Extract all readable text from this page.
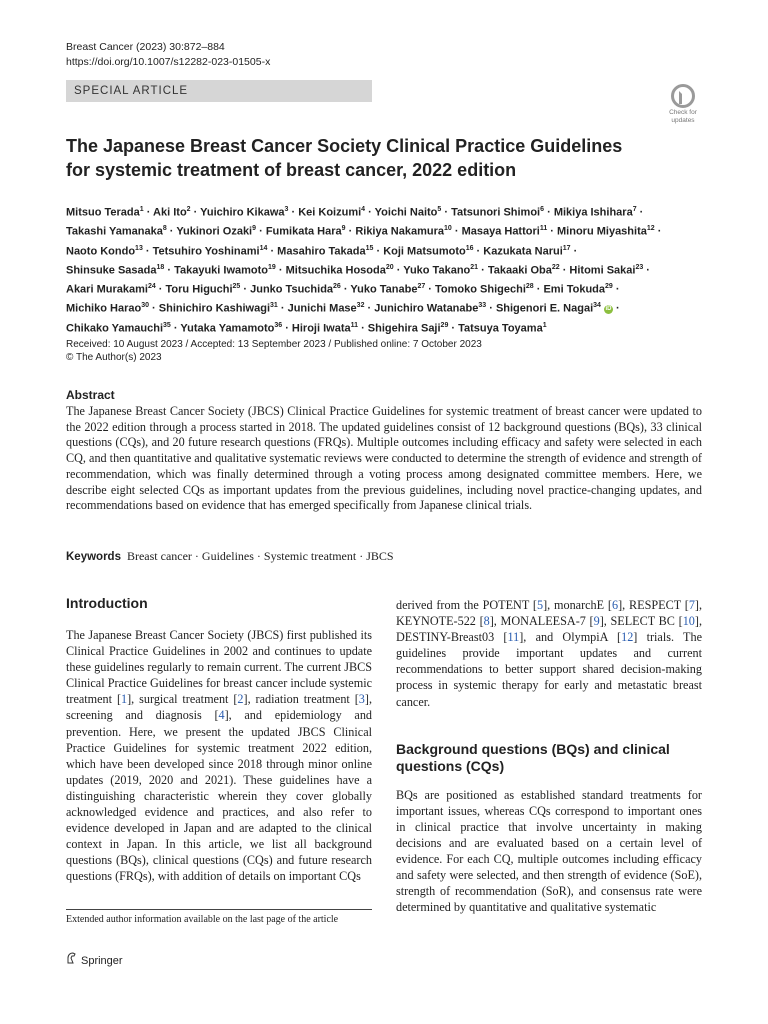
Breast Cancer (2023) 30:872–884
https://doi.org/10.1007/s12282-023-01505-x
SPECIAL ARTICLE
Check for
updates
The Japanese Breast Cancer Society Clinical Practice Guidelines
for systemic treatment of breast cancer, 2022 edition
Mitsuo Terada$^1$ · Aki Ito$^2$ · Yuichiro Kikawa$^3$ · Kei Koizumi$^4$ · Yoichi Naito$^5$ · Tatsunori Shimoi$^6$ · Mikiya Ishihara$^7$ ·
Takashi Yamanaka$^8$ · Yukinori Ozaki$^9$ · Fumikata Hara$^9$ · Rikiya Nakamura$^{10}$ · Masaya Hattori$^{11}$ · Minoru Miyashita$^{12}$ ·
Naoto Kondo$^{13}$ · Tetsuhiro Yoshinami$^{14}$ · Masahiro Takada$^{15}$ · Koji Matsumoto$^{16}$ · Kazukata Narui$^{17}$ ·
Shinsuke Sasada$^{18}$ · Takayuki Iwamoto$^{19}$ · Mitsuchika Hosoda$^{20}$ · Yuko Takano$^{21}$ · Takaaki Oba$^{22}$ · Hitomi Sakai$^{23}$ ·
Akari Murakami$^{24}$ · Toru Higuchi$^{25}$ · Junko Tsuchida$^{26}$ · Yuko Tanabe$^{27}$ · Tomoko Shigechi$^{28}$ · Emi Tokuda$^{29}$ ·
Michiko Harao$^{30}$ · Shinichiro Kashiwagi$^{31}$ · Junichi Mase$^{32}$ · Junichiro Watanabe$^{33}$ · Shigenori E. Nagai$^{34}$ iD ·
Chikako Yamauchi$^{35}$ · Yutaka Yamamoto$^{36}$ · Hiroji Iwata$^{11}$ · Shigehira Saji$^{29}$ · Tatsuya Toyama$^1$
Received: 10 August 2023 / Accepted: 13 September 2023 / Published online: 7 October 2023
© The Author(s) 2023
Abstract

The Japanese Breast Cancer Society (JBCS) Clinical Practice Guidelines for systemic treatment of breast cancer were updated to the 2022 edition through a process started in 2018. The updated guidelines consist of 12 background questions (BQs), 33 clinical questions (CQs), and 20 future research questions (FRQs). Multiple outcomes including efficacy and safety were selected in each CQ, and then quantitative and qualitative systematic reviews were conducted to determine the strength of evidence and strength of recommendation, which was finally determined through a voting process among designated committee members. Here, we describe eight selected CQs as important updates from the previous guidelines, including novel practice-changing updates, and recommendations based on evidence that has emerged specifically from Japanese clinical trials.

Keywords Breast cancer · Guidelines · Systemic treatment · JBCS
Introduction

The Japanese Breast Cancer Society (JBCS) first published its Clinical Practice Guidelines in 2002 and continues to update these guidelines regularly to remain current. The current JBCS Clinical Practice Guidelines for breast cancer include systemic treatment [1], surgical treatment [2], radiation treatment [3], screening and diagnosis [4], and epidemiology and prevention. Here, we present the updated JBCS Clinical Practice Guidelines for systemic treatment 2022 edition, which have been developed since 2018 through minor online updates (2019, 2020 and 2021). These guidelines have a distinguishing characteristic wherein they cover globally acknowledged evidence and practices, and also refer to evidence developed in Japan and are adapted to the clinical context in Japan. In this article, we list all background questions (BQs), clinical questions (CQs) and future research questions (FRQs), with addition of details on important CQs

derived from the POTENT [5], monarchE [6], RESPECT [7], KEYNOTE-522 [8], MONALEESA-7 [9], SELECT BC [10], DESTINY-Breast03 [11], and OlympiA [12] trials. The guidelines provide important updates and current recommendations to better support shared decision-making process in systemic therapy for early and metastatic breast cancer.

Background questions (BQs) and clinical questions (CQs)

BQs are positioned as established standard treatments for important issues, whereas CQs correspond to important ones in clinical practice that involve uncertainty in making decisions and are evaluated based on a certain level of evidence. For each CQ, multiple outcomes including efficacy and safety were selected, and then strength of evidence (SoE), strength of recommendation (SoR), and consensus rate were determined by quantitative and qualitative systematic

Extended author information available on the last page of the article
Springer
